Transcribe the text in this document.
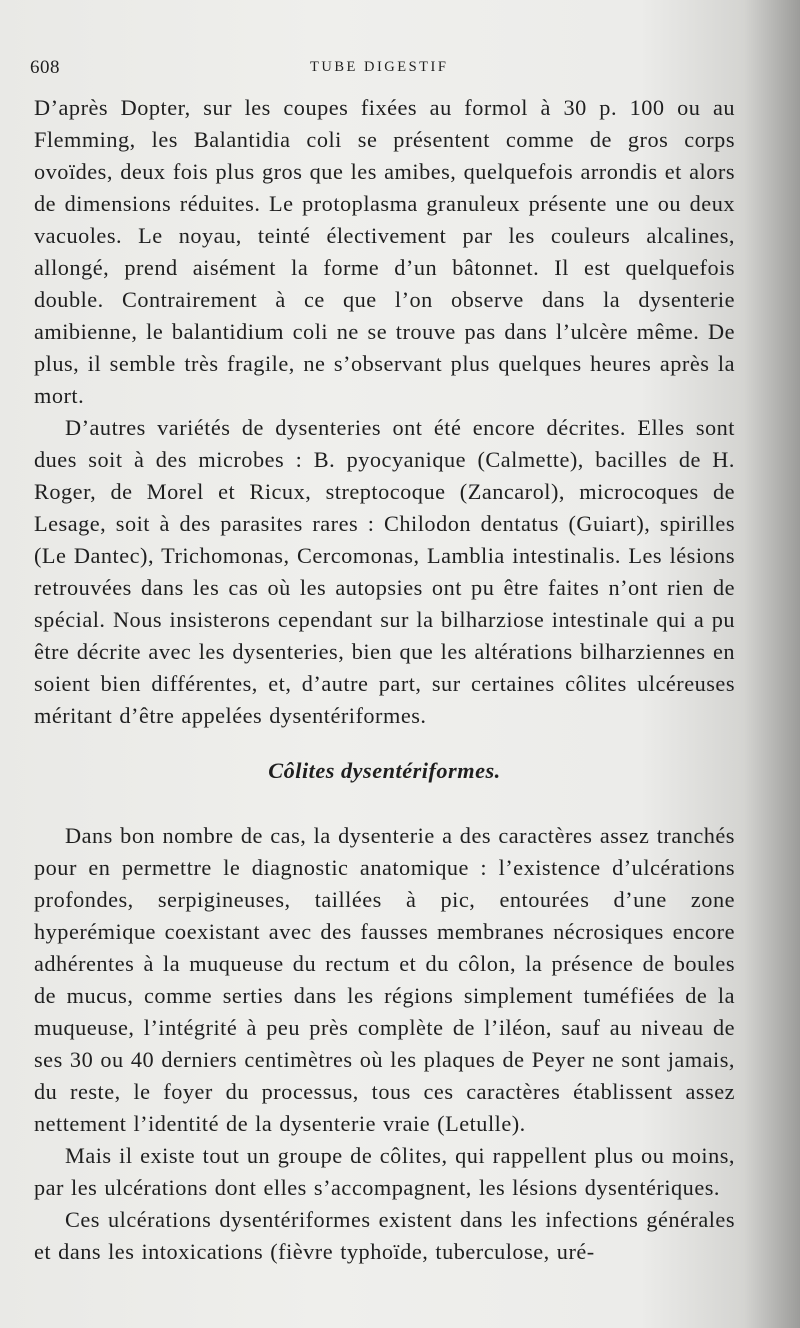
608	TUBE DIGESTIF

D’après Dopter, sur les coupes fixées au formol à 30 p. 100 ou au Flemming, les Balantidia coli se présentent comme de gros corps ovoïdes, deux fois plus gros que les amibes, quelquefois arrondis et alors de dimensions réduites. Le protoplasma granuleux présente une ou deux vacuoles. Le noyau, teinté électivement par les couleurs alcalines, allongé, prend aisément la forme d’un bâtonnet. Il est quelquefois double. Contrairement à ce que l’on observe dans la dysenterie amibienne, le balantidium coli ne se trouve pas dans l’ulcère même. De plus, il semble très fragile, ne s’observant plus quelques heures après la mort.

D’autres variétés de dysenteries ont été encore décrites. Elles sont dues soit à des microbes : B. pyocyanique (Calmette), bacilles de H. Roger, de Morel et Ricux, streptocoque (Zancarol), microcoques de Lesage, soit à des parasites rares : Chilodon dentatus (Guiart), spirilles (Le Dantec), Trichomonas, Cercomonas, Lamblia intestinalis. Les lésions retrouvées dans les cas où les autopsies ont pu être faites n’ont rien de spécial. Nous insisterons cependant sur la bilharziose intestinale qui a pu être décrite avec les dysenteries, bien que les altérations bilharziennes en soient bien différentes, et, d’autre part, sur certaines côlites ulcéreuses méritant d’être appelées dysentériformes.

Côlites dysentériformes.

Dans bon nombre de cas, la dysenterie a des caractères assez tranchés pour en permettre le diagnostic anatomique : l’existence d’ulcérations profondes, serpigineuses, taillées à pic, entourées d’une zone hyperémique coexistant avec des fausses membranes nécrosiques encore adhérentes à la muqueuse du rectum et du côlon, la présence de boules de mucus, comme serties dans les régions simplement tuméfiées de la muqueuse, l’intégrité à peu près complète de l’iléon, sauf au niveau de ses 30 ou 40 derniers centimètres où les plaques de Peyer ne sont jamais, du reste, le foyer du processus, tous ces caractères établissent assez nettement l’identité de la dysenterie vraie (Letulle).

Mais il existe tout un groupe de côlites, qui rappellent plus ou moins, par les ulcérations dont elles s’accompagnent, les lésions dysentériques.

Ces ulcérations dysentériformes existent dans les infections générales et dans les intoxications (fièvre typhoïde, tuberculose, uré-
